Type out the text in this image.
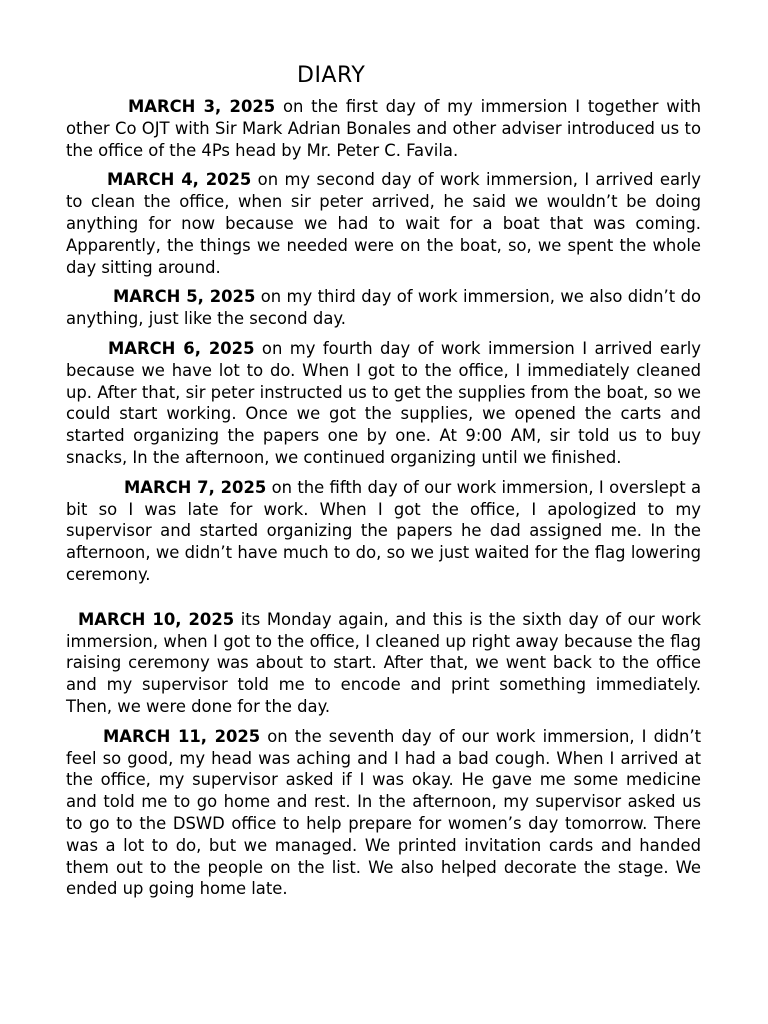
DIARY

MARCH 3, 2025 on the first day of my immersion I together with other Co OJT with Sir Mark Adrian Bonales and other adviser introduced us to the office of the 4Ps head by Mr. Peter C. Favila.

MARCH 4, 2025 on my second day of work immersion, I arrived early to clean the office, when sir peter arrived, he said we wouldn’t be doing anything for now because we had to wait for a boat that was coming. Apparently, the things we needed were on the boat, so, we spent the whole day sitting around.

MARCH 5, 2025 on my third day of work immersion, we also didn’t do anything, just like the second day.

MARCH 6, 2025 on my fourth day of work immersion I arrived early because we have lot to do. When I got to the office, I immediately cleaned up. After that, sir peter instructed us to get the supplies from the boat, so we could start working. Once we got the supplies, we opened the carts and started organizing the papers one by one. At 9:00 AM, sir told us to buy snacks, In the afternoon, we continued organizing until we finished.

MARCH 7, 2025 on the fifth day of our work immersion, I overslept a bit so I was late for work. When I got the office, I apologized to my supervisor and started organizing the papers he dad assigned me. In the afternoon, we didn’t have much to do, so we just waited for the flag lowering ceremony.

MARCH 10, 2025 its Monday again, and this is the sixth day of our work immersion, when I got to the office, I cleaned up right away because the flag raising ceremony was about to start. After that, we went back to the office and my supervisor told me to encode and print something immediately. Then, we were done for the day.

MARCH 11, 2025 on the seventh day of our work immersion, I didn’t feel so good, my head was aching and I had a bad cough. When I arrived at the office, my supervisor asked if I was okay. He gave me some medicine and told me to go home and rest. In the afternoon, my supervisor asked us to go to the DSWD office to help prepare for women’s day tomorrow. There was a lot to do, but we managed. We printed invitation cards and handed them out to the people on the list. We also helped decorate the stage. We ended up going home late.
